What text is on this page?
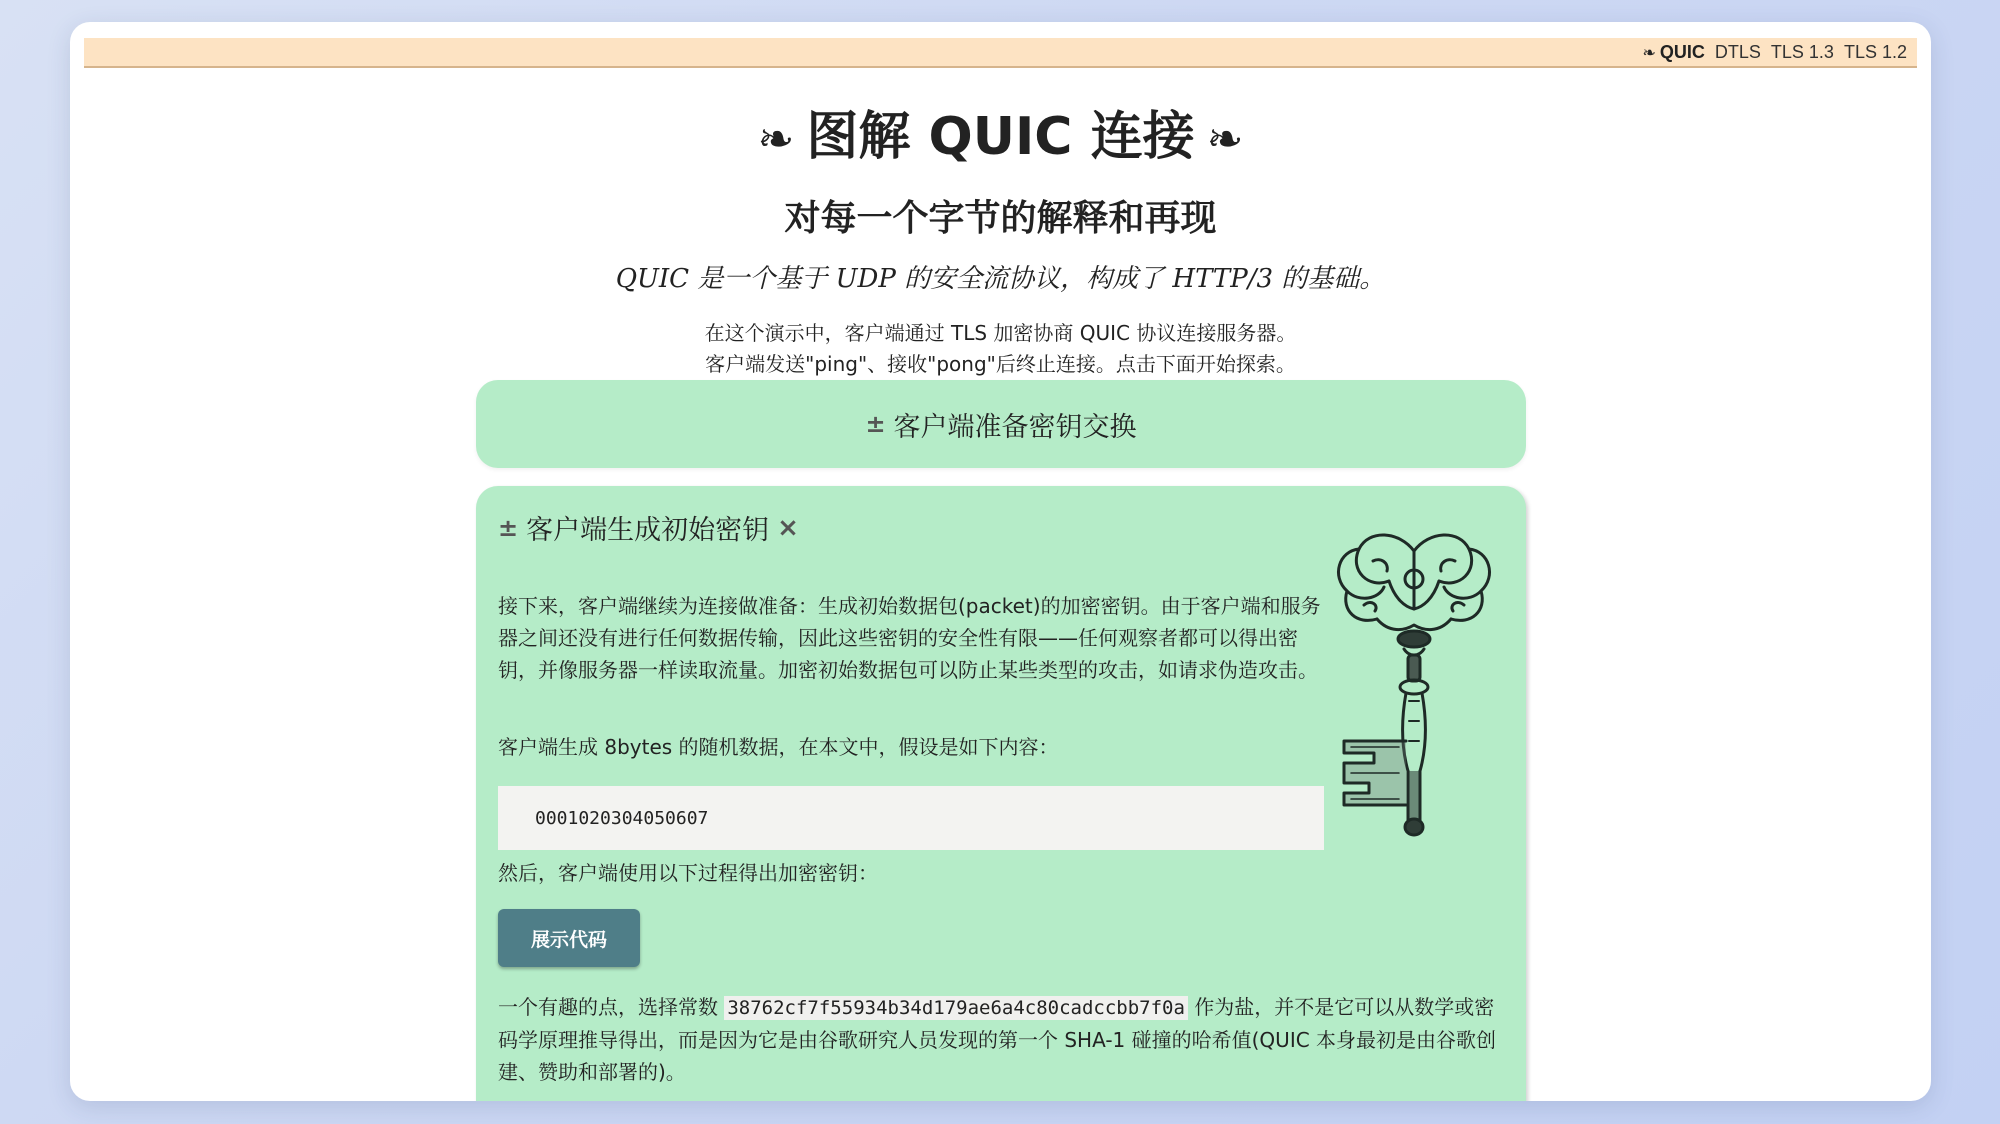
❧ QUIC DTLS TLS 1.3 TLS 1.2
❧ 图解 QUIC 连接 ❧
对每一个字节的解释和再现

QUIC 是一个基于 UDP 的安全流协议，构成了 HTTP/3 的基础。

在这个演示中，客户端通过 TLS 加密协商 QUIC 协议连接服务器。
客户端发送"ping"、接收"pong"后终止连接。点击下面开始探索。

± 客户端准备密钥交换
± 客户端生成初始密钥 ×

接下来，客户端继续为连接做准备：生成初始数据包(packet)的加密密钥。由于客户端和服务器之间还没有进行任何数据传输，因此这些密钥的安全性有限——任何观察者都可以得出密钥，并像服务器一样读取流量。加密初始数据包可以防止某些类型的攻击，如请求伪造攻击。

客户端生成 8bytes 的随机数据，在本文中，假设是如下内容：

0001020304050607

然后，客户端使用以下过程得出加密密钥：

展示代码

一个有趣的点，选择常数 38762cf7f55934b34d179ae6a4c80cadccbb7f0a 作为盐，并不是它可以从数学或密码学原理推导得出，而是因为它是由谷歌研究人员发现的第一个 SHA-1 碰撞的哈希值(QUIC 本身最初是由谷歌创建、赞助和部署的)。
